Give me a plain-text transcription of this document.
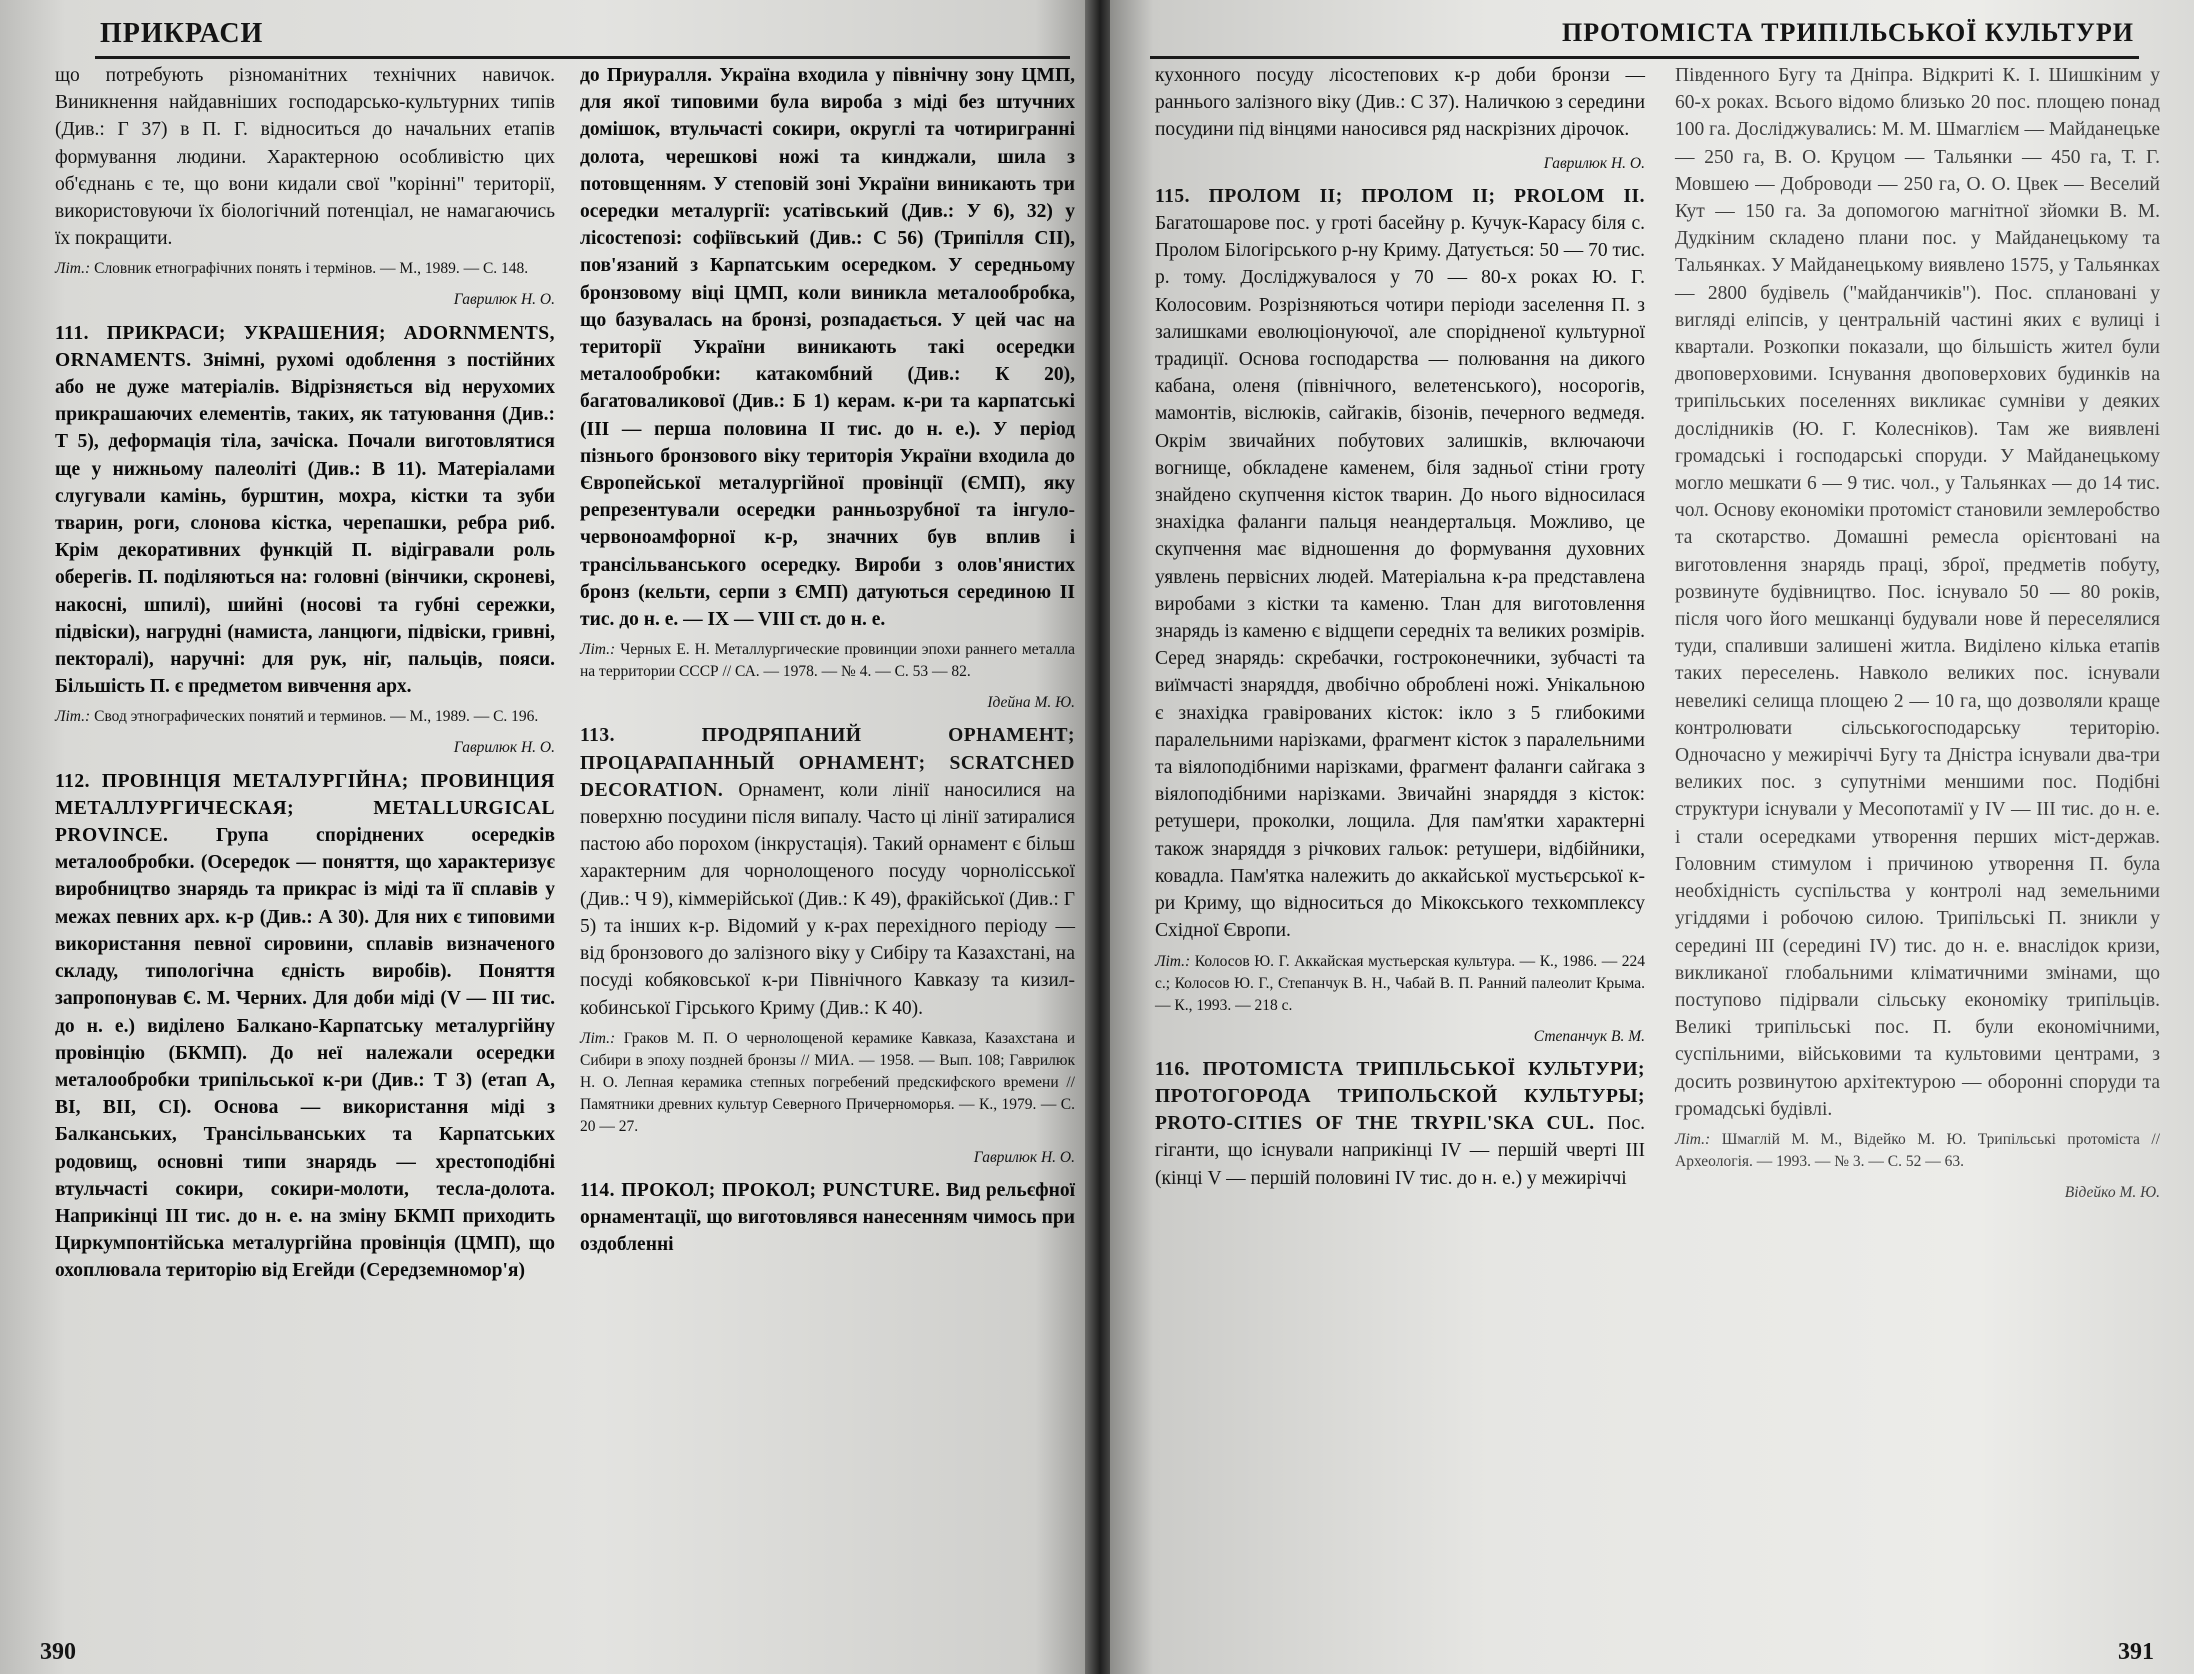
ПРИКРАСИ

що потребують різноманітних технічних навичок. Виникнення найдавніших господарсько-культурних типів (Див.: Г 37) в П. Г. відноситься до начальних етапів формування людини. Характерною особливістю цих об'єднань є те, що вони кидали свої "корінні" території, використовуючи їх біологічний потенціал, не намагаючись їх покращити.

Літ.: Словник етнографічних понять і термінов. — М., 1989. — С. 148.

Гаврилюк Н. О.

111. ПРИКРАСИ; УКРАШЕНИЯ; ADORNMENTS, ORNAMENTS. Знімні, рухомі одоблення з постійних або не дуже матеріалів. Відрізняється від нерухомих прикрашаючих елементів, таких, як татуювання (Див.: Т 5), деформація тіла, зачіска. Почали виготовлятися ще у нижньому палеоліті (Див.: В 11). Матеріалами слугували камінь, бурштин, мохра, кістки та зуби тварин, роги, слонова кістка, черепашки, ребра риб. Крім декоративних функцій П. відігравали роль оберегів. П. поділяються на: головні (вінчики, скроневі, накосні, шпилі), шийні (носові та губні сережки, підвіски), нагрудні (намиста, ланцюги, підвіски, гривні, пекторалі), наручні: для рук, ніг, пальців, пояси. Більшість П. є предметом вивчення арх.

Літ.: Свод этнографических понятий и терминов. — М., 1989. — С. 196.

Гаврилюк Н. О.

112. ПРОВІНЦІЯ МЕТАЛУРГІЙНА; ПРОВИНЦИЯ МЕТАЛЛУРГИЧЕСКАЯ; METALLURGICAL PROVINCE. Група споріднених осередків металообробки. (Осередок — поняття, що характеризує виробництво знарядь та прикрас із міді та її сплавів у межах певних арх. к-р (Див.: А 30). Для них є типовими використання певної сировини, сплавів визначеного складу, типологічна єдність виробів). Поняття запропонував Є. М. Черних. Для доби міді (V — III тис. до н. е.) виділено Балкано-Карпатську металургійну провінцію (БКМП). До неї належали осередки металообробки трипільської к-ри (Див.: Т 3) (етап А, ВІ, ВІІ, СІ). Основа — використання міді з Балканських, Трансільванських та Карпатських родовищ, основні типи знарядь — хрестоподібні втульчасті сокири, сокири-молоти, тесла-долота. Наприкінці ІІІ тис. до н. е. на зміну БКМП приходить Циркумпонтійська металургійна провінція (ЦМП), що охоплювала територію від Егейди (Середземномор'я)

до Приуралля. Україна входила у північну зону ЦМП, для якої типовими була вироба з міді без штучних домішок, втульчасті сокири, округлі та чотиригранні долота, черешкові ножі та кинджали, шила з потовщенням. У степовій зоні України виникають три осередки металургії: усатівський (Див.: У 6), 32) у лісостепозі: софіївський (Див.: С 56) (Трипілля СІІ), пов'язаний з Карпатським осередком. У середньому бронзовому віці ЦМП, коли виникла металообробка, що базувалась на бронзі, розпадається. У цей час на території України виникають такі осередки металообробки: катакомбний (Див.: К 20), багатоваликової (Див.: Б 1) керам. к-ри та карпатські (ІІІ — перша половина ІІ тис. до н. е.). У період пізнього бронзового віку територія України входила до Європейської металургійної провінції (ЄМП), яку репрезентували осередки ранньозрубної та інгуло-червоноамфорної к-р, значних був вплив і трансільванського осередку. Вироби з олов'янистих бронз (кельти, серпи з ЄМП) датуються серединою ІІ тис. до н. е. — IX — VIII ст. до н. е.

Літ.: Черных Е. Н. Металлургические провинции эпохи раннего металла на территории СССР // СА. — 1978. — № 4. — С. 53 — 82.

Ідейна М. Ю.

113. ПРОДРЯПАНИЙ ОРНАМЕНТ; ПРОЦАРАПАННЫЙ ОРНАМЕНТ; SCRATCHED DECORATION. Орнамент, коли лінії наносилися на поверхню посудини після випалу. Часто ці лінії затиралися пастою або порохом (інкрустація). Такий орнамент є більш характерним для чорнолощеного посуду чорнолісської (Див.: Ч 9), кіммерійської (Див.: К 49), фракійської (Див.: Г 5) та інших к-р. Відомий у к-рах перехідного періоду — від бронзового до залізного віку у Сибіру та Казахстані, на посуді кобяковської к-ри Північного Кавказу та кизил-кобинської Гірського Криму (Див.: К 40).

Літ.: Граков М. П. О чернолощеной керамике Кавказа, Казахстана и Сибири в эпоху поздней бронзы // МИА. — 1958. — Вып. 108; Гаврилюк Н. О. Лепная керамика степных погребений предскифского времени // Памятники древних культур Северного Причерноморья. — К., 1979. — С. 20 — 27.

Гаврилюк Н. О.

114. ПРОКОЛ; ПРОКОЛ; PUNCTURE. Вид рельєфної орнаментації, що виготовлявся нанесенням чимось при оздобленні

390
ПРОТОМІСТА ТРИПІЛЬСЬКОЇ КУЛЬТУРИ

кухонного посуду лісостепових к-р доби бронзи — раннього залізного віку (Див.: С 37). Наличкою з середини посудини під вінцями наносився ряд наскрізних дірочок.

Гаврилюк Н. О.

115. ПРОЛОМ ІІ; ПРОЛОМ ІІ; PROLOM II. Багатошарове пос. у гроті басейну р. Кучук-Карасу біля с. Пролом Білогірського р-ну Криму. Датується: 50 — 70 тис. р. тому. Досліджувалося у 70 — 80-х роках Ю. Г. Колосовим. Розрізняються чотири періоди заселення П. з залишками еволюціонуючої, але спорідненої культурної традиції. Основа господарства — полювання на дикого кабана, оленя (північного, велетенського), носорогів, мамонтів, віслюків, сайгаків, бізонів, печерного ведмедя. Окрім звичайних побутових залишків, включаючи вогнище, обкладене каменем, біля задньої стіни гроту знайдено скупчення кісток тварин. До нього відносилася знахідка фаланги пальця неандертальця. Можливо, це скупчення має відношення до формування духовних уявлень первісних людей. Матеріальна к-ра представлена виробами з кістки та каменю. Тлан для виготовлення знарядь із каменю є відщепи середніх та великих розмірів. Серед знарядь: скребачки, гостроконечники, зубчасті та виїмчасті знаряддя, двобічно оброблені ножі. Унікальною є знахідка гравірованих кісток: ікло з 5 глибокими паралельними нарізками, фрагмент кісток з паралельними та віялоподібними нарізками, фрагмент фаланги сайгака з віялоподібними нарізками. Звичайні знаряддя з кісток: ретушери, проколки, лощила. Для пам'ятки характерні також знаряддя з річкових гальок: ретушери, відбійники, ковадла. Пам'ятка належить до аккайської мустьєрської к-ри Криму, що відноситься до Мікокського техкомплексу Східної Європи.

Літ.: Колосов Ю. Г. Аккайская мустьерская культура. — К., 1986. — 224 с.; Колосов Ю. Г., Степанчук В. Н., Чабай В. П. Ранний палеолит Крыма. — К., 1993. — 218 с.

Степанчук В. М.

116. ПРОТОМІСТА ТРИПІЛЬСЬКОЇ КУЛЬТУРИ; ПРОТОГОРОДА ТРИПОЛЬСКОЙ КУЛЬТУРЫ; PROTO-CITIES OF THE TRYPIL'SKA CUL. Пос. гіганти, що існували наприкінці IV — першій чверті III (кінці V — першій половині IV тис. до н. е.) у межиріччі

Південного Бугу та Дніпра. Відкриті К. І. Шишкіним у 60-х роках. Всього відомо близько 20 пос. площею понад 100 га. Досліджувались: М. М. Шмаглієм — Майданецьке — 250 га, В. О. Круцом — Тальянки — 450 га, Т. Г. Мовшею — Доброводи — 250 га, О. О. Цвек — Веселий Кут — 150 га. За допомогою магнітної зйомки В. М. Дудкіним складено плани пос. у Майданецькому та Тальянках. У Майданецькому виявлено 1575, у Тальянках — 2800 будівель ("майданчиків"). Пос. сплановані у вигляді еліпсів, у центральній частині яких є вулиці і квартали. Розкопки показали, що більшість жител були двоповерховими. Існування двоповерхових будинків на трипільських поселеннях викликає сумніви у деяких дослідників (Ю. Г. Колесніков). Там же виявлені громадські і господарські споруди. У Майданецькому могло мешкати 6 — 9 тис. чол., у Тальянках — до 14 тис. чол. Основу економіки протоміст становили землеробство та скотарство. Домашні ремесла орієнтовані на виготовлення знарядь праці, зброї, предметів побуту, розвинуте будівництво. Пос. існувало 50 — 80 років, після чого його мешканці будували нове й переселялися туди, спаливши залишені житла. Виділено кілька етапів таких переселень. Навколо великих пос. існували невеликі селища площею 2 — 10 га, що дозволяли краще контролювати сільськогосподарську територію. Одночасно у межиріччі Бугу та Дністра існували два-три великих пос. з супутніми меншими пос. Подібні структури існували у Месопотамії у IV — III тис. до н. е. і стали осередками утворення перших міст-держав. Головним стимулом і причиною утворення П. була необхідність суспільства у контролі над земельними угіддями і робочою силою. Трипільські П. зникли у середині III (середині IV) тис. до н. е. внаслідок кризи, викликаної глобальними кліматичними змінами, що поступово підірвали сільську економіку трипільців. Великі трипільські пос. П. були економічними, суспільними, військовими та культовими центрами, з досить розвинутою архітектурою — оборонні споруди та громадські будівлі.

Літ.: Шмаглій М. М., Відейко М. Ю. Трипільські протоміста // Археологія. — 1993. — № 3. — С. 52 — 63.

Відейко М. Ю.

391
